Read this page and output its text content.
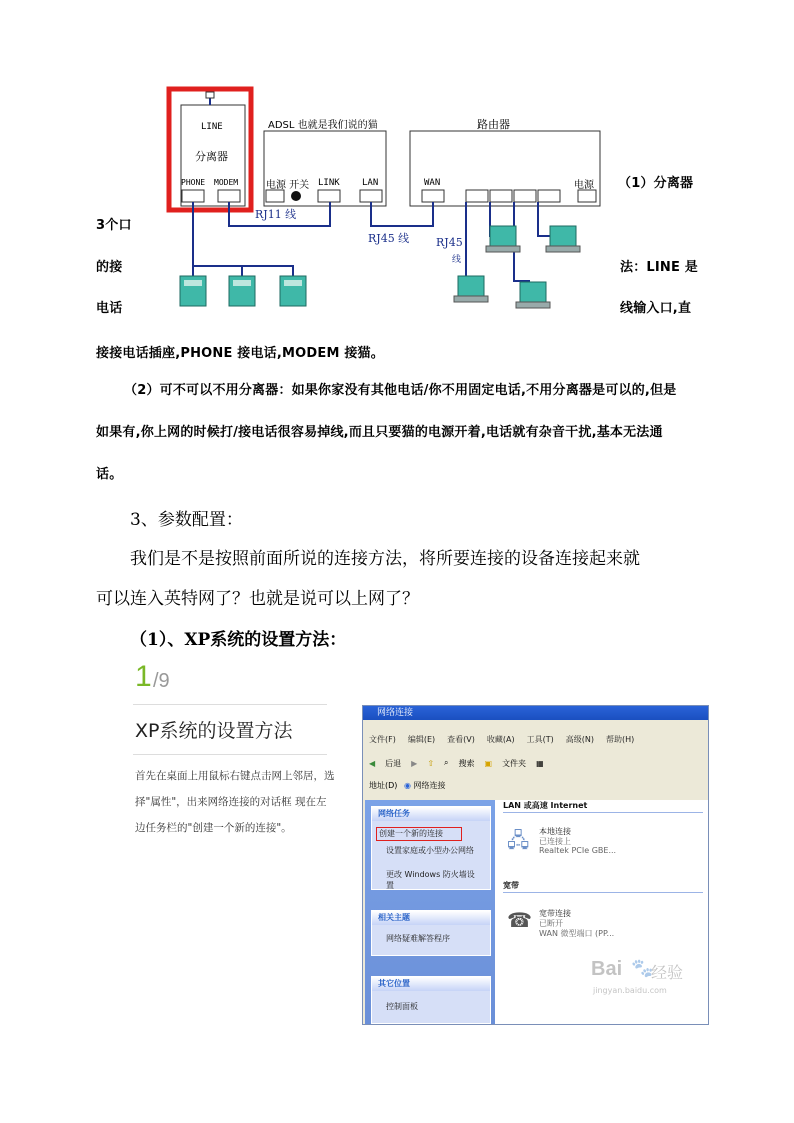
LINE
分离器
PHONE MODEM
ADSL 也就是我们说的猫
电源 开关 LINK LAN
路由器
WAN	电源
RJ11 线
RJ45 线 RJ45
线
（1）分离器
3个口
的接	法：LINE 是
电话	线输入口,直
接接电话插座,PHONE 接电话,MODEM 接猫。
（2）可不可以不用分离器：如果你家没有其他电话/你不用固定电话,不用分离器是可以的,但是
如果有,你上网的时候打/接电话很容易掉线,而且只要猫的电源开着,电话就有杂音干扰,基本无法通
话。
3、参数配置：
我们是不是按照前面所说的连接方法，将所要连接的设备连接起来就
可以连入英特网了？也就是说可以上网了？
（1）、XP系统的设置方法：
1 /9
XP系统的设置方法
首先在桌面上用鼠标右键点击网上邻居，选
择"属性"，出来网络连接的对话框 现在左
边任务栏的"创建一个新的连接"。
网络连接
文件(F) 编辑(E) 查看(V) 收藏(A) 工具(T) 高级(N) 帮助(H)
◀ 后退 ▶ ⇧ ⌕ 搜索 ▣ 文件夹 ▦
地址(D) ◉ 网络连接
网络任务
创建一个新的连接
设置家庭或小型办公网络
更改 Windows 防火墙设置
相关主题
网络疑难解答程序
其它位置
控制面板
LAN 或高速 Internet
🖧 本地连接
已连接上
Realtek PCIe GBE...
宽带
☎ 宽带连接
已断开
WAN 微型端口 (PP...
Bai 🐾
经验
jingyan.baidu.com
